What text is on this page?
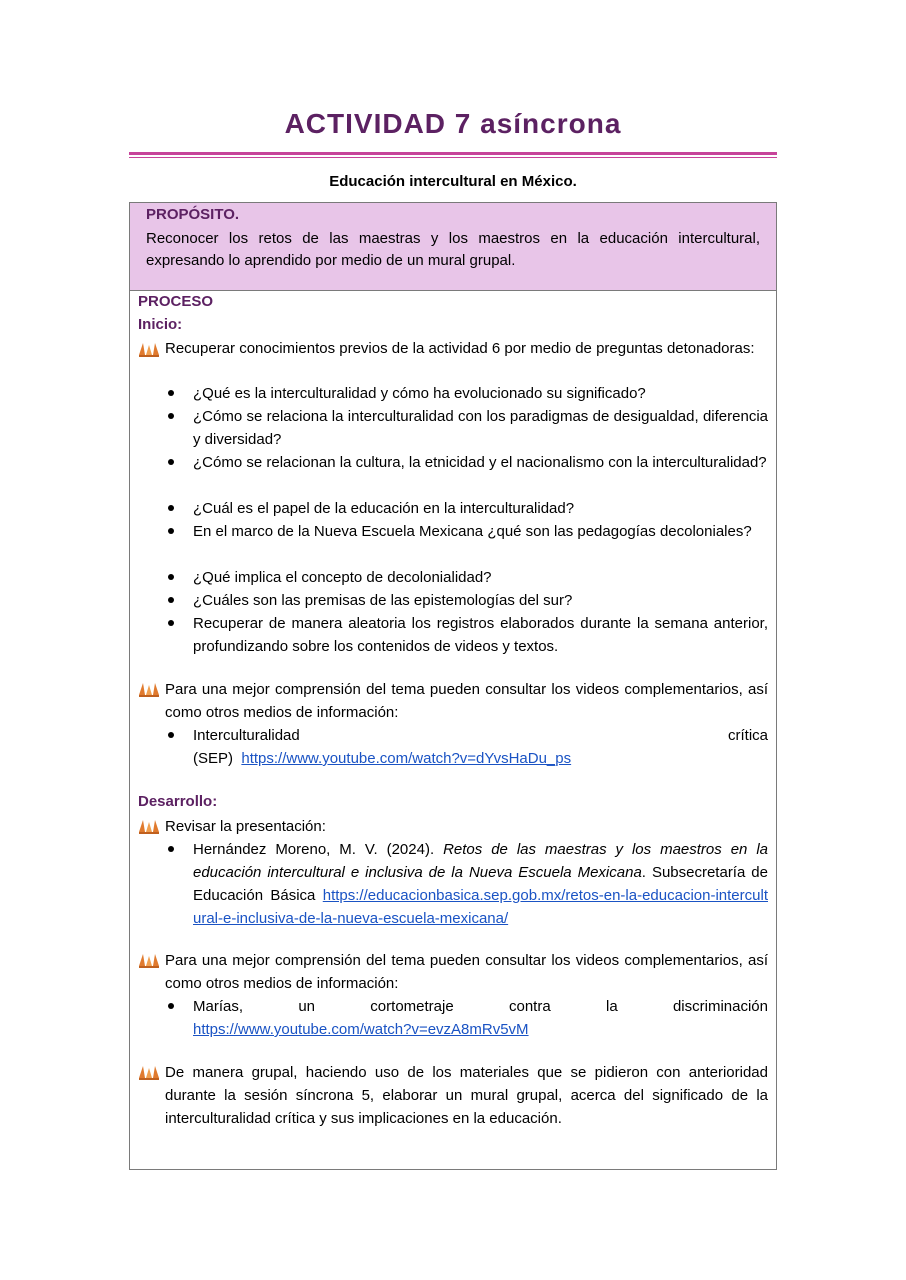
ACTIVIDAD 7 asíncrona
Educación intercultural en México.
PROPÓSITO.
Reconocer los retos de las maestras y los maestros en la educación intercultural, expresando lo aprendido por medio de un mural grupal.
PROCESO
Inicio:
Recuperar conocimientos previos de la actividad 6 por medio de preguntas detonadoras:
¿Qué es la interculturalidad y cómo ha evolucionado su significado?
¿Cómo se relaciona la interculturalidad con los paradigmas de desigualdad, diferencia y diversidad?
¿Cómo se relacionan la cultura, la etnicidad y el nacionalismo con la interculturalidad?
¿Cuál es el papel de la educación en la interculturalidad?
En el marco de la Nueva Escuela Mexicana ¿qué son las pedagogías decoloniales?
¿Qué implica el concepto de decolonialidad?
¿Cuáles son las premisas de las epistemologías del sur?
Recuperar de manera aleatoria los registros elaborados durante la semana anterior, profundizando sobre los contenidos de videos y textos.
Para una mejor comprensión del tema pueden consultar los videos complementarios, así como otros medios de información:
Interculturalidad	crítica
(SEP) https://www.youtube.com/watch?v=dYvsHaDu_ps
Desarrollo:
Revisar la presentación:
Hernández Moreno, M. V. (2024). Retos de las maestras y los maestros en la educación intercultural e inclusiva de la Nueva Escuela Mexicana. Subsecretaría de Educación Básica https://educacionbasica.sep.gob.mx/retos-en-la-educacion-intercultural-e-inclusiva-de-la-nueva-escuela-mexicana/
Para una mejor comprensión del tema pueden consultar los videos complementarios, así como otros medios de información:
Marías, un cortometraje contra la discriminación
https://www.youtube.com/watch?v=evzA8mRv5vM
De manera grupal, haciendo uso de los materiales que se pidieron con anterioridad durante la sesión síncrona 5, elaborar un mural grupal, acerca del significado de la interculturalidad crítica y sus implicaciones en la educación.
